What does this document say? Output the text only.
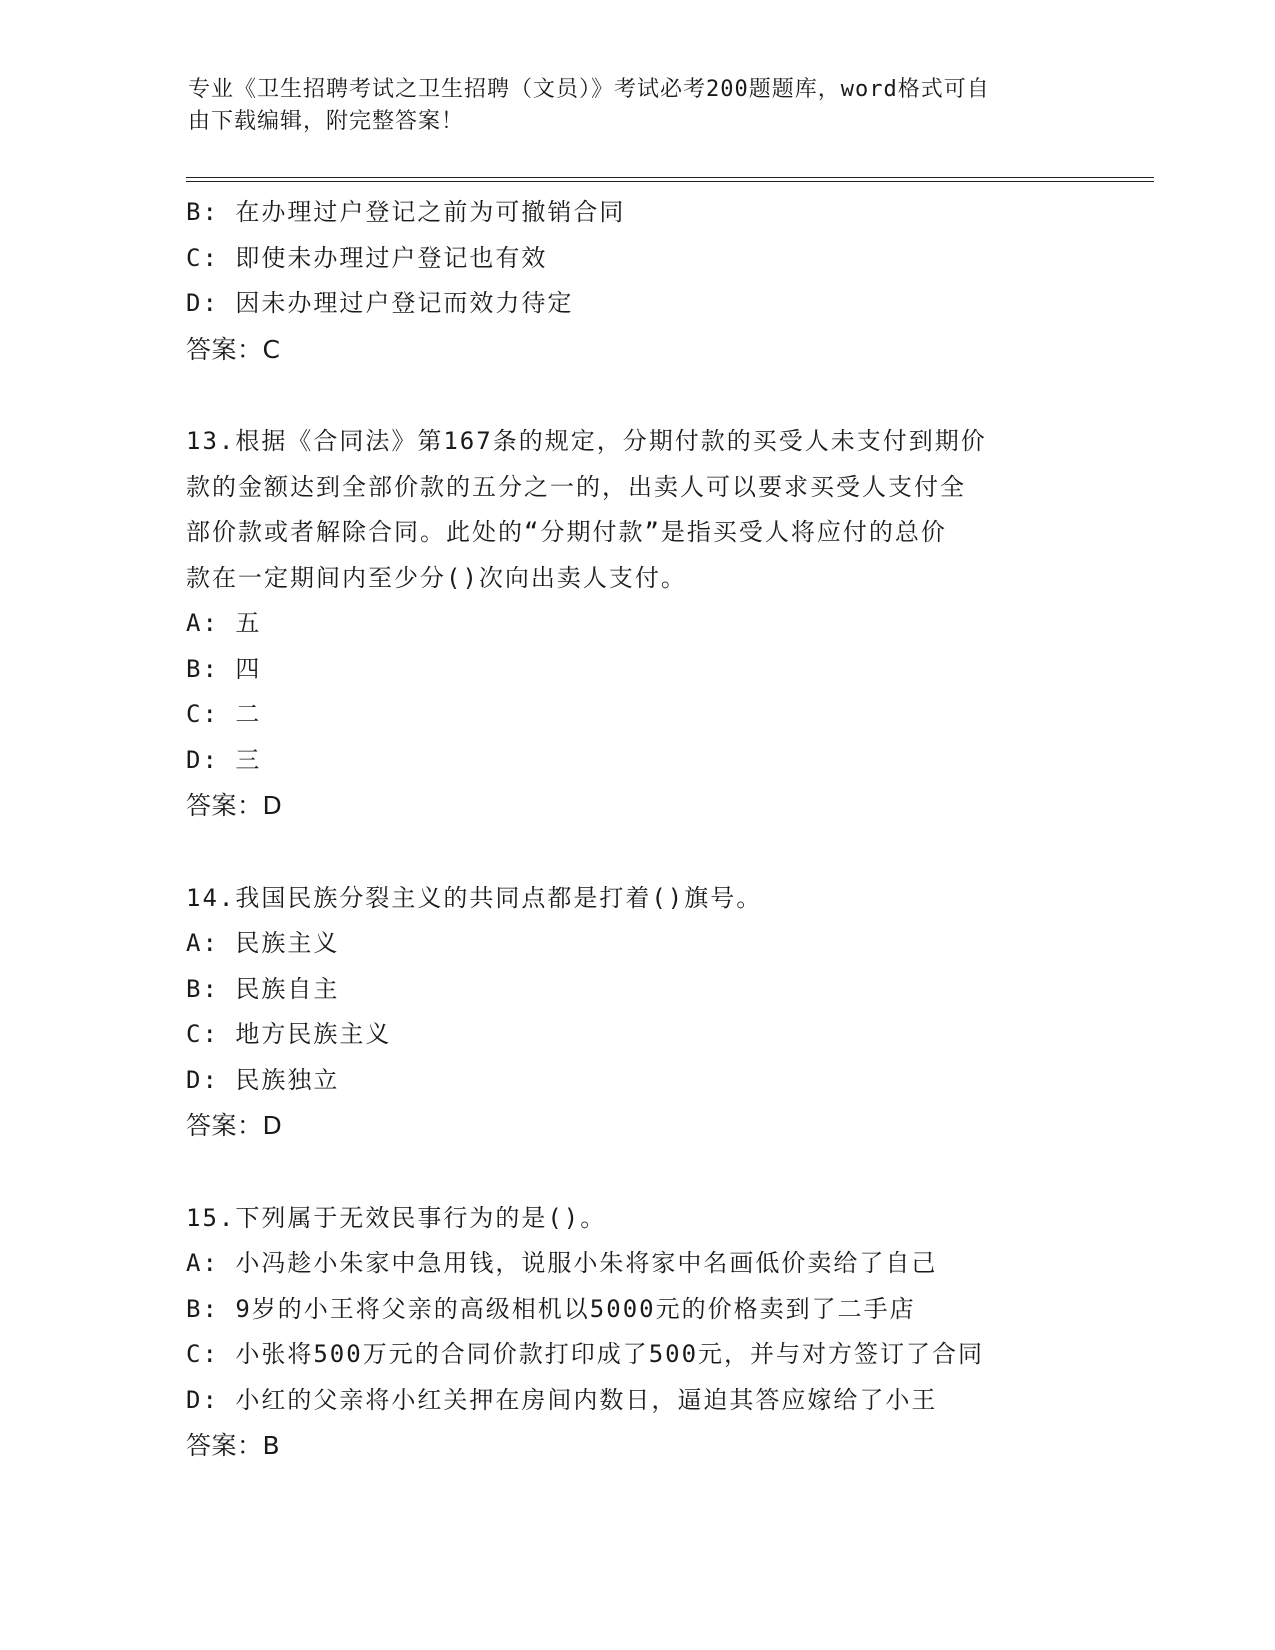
专业《卫生招聘考试之卫生招聘（文员）》考试必考200题题库，word格式可自
由下载编辑，附完整答案！
B: 在办理过户登记之前为可撤销合同
C: 即使未办理过户登记也有效
D: 因未办理过户登记而效力待定
答案：C
13.根据《合同法》第167条的规定，分期付款的买受人未支付到期价
款的金额达到全部价款的五分之一的，出卖人可以要求买受人支付全
部价款或者解除合同。此处的“分期付款”是指买受人将应付的总价
款在一定期间内至少分()次向出卖人支付。
A: 五
B: 四
C: 二
D: 三
答案：D
14.我国民族分裂主义的共同点都是打着()旗号。
A: 民族主义
B: 民族自主
C: 地方民族主义
D: 民族独立
答案：D
15.下列属于无效民事行为的是()。
A: 小冯趁小朱家中急用钱，说服小朱将家中名画低价卖给了自己
B: 9岁的小王将父亲的高级相机以5000元的价格卖到了二手店
C: 小张将500万元的合同价款打印成了500元，并与对方签订了合同
D: 小红的父亲将小红关押在房间内数日，逼迫其答应嫁给了小王
答案：B
